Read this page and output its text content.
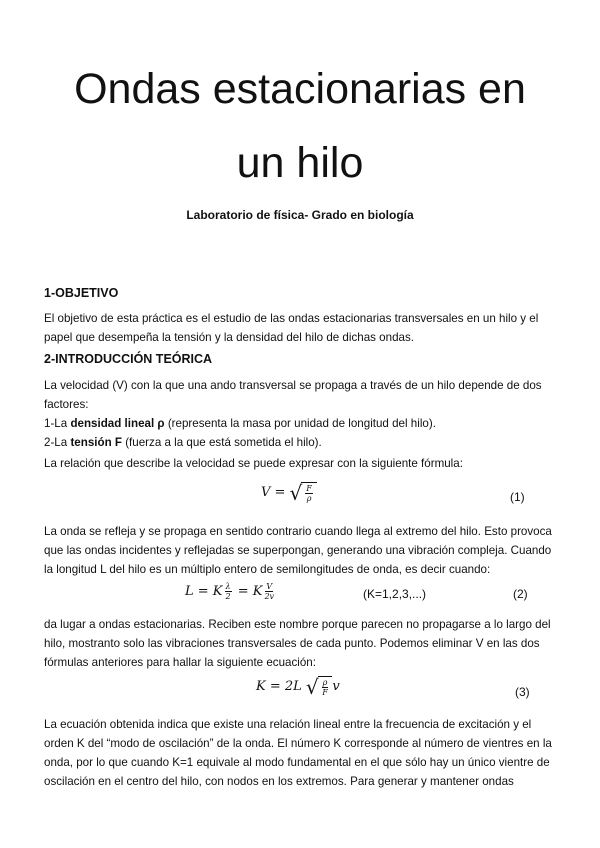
Ondas estacionarias en
un hilo
Laboratorio de física- Grado en biología
1-OBJETIVO
El objetivo de esta práctica es el estudio de las ondas estacionarias transversales en un hilo y el
papel que desempeña la tensión y la densidad del hilo de dichas ondas.
2-INTRODUCCIÓN TEÓRICA
La velocidad (V) con la que una ando transversal se propaga a través de un hilo depende de dos
factores:
1-La densidad lineal ρ (representa la masa por unidad de longitud del hilo).
2-La tensión F (fuerza a la que está sometida el hilo).
La relación que describe la velocidad se puede expresar con la siguiente fórmula:
V = √ $\frac{F}{\rho}$	(1)
La onda se refleja y se propaga en sentido contrario cuando llega al extremo del hilo. Esto provoca
que las ondas incidentes y reflejadas se superpongan, generando una vibración compleja. Cuando
la longitud L del hilo es un múltiplo entero de semilongitudes de onda, es decir cuando:
L = K $\frac{\lambda}{2} = K \frac{V}{2v}$	(K=1,2,3,...)	(2)
da lugar a ondas estacionarias. Reciben este nombre porque parecen no propagarse a lo largo del
hilo, mostranto solo las vibraciones transversales de cada punto. Podemos eliminar V en las dos
fórmulas anteriores para hallar la siguiente ecuación:
K = 2L √ $\frac{\rho}{F}$ v	(3)
La ecuación obtenida indica que existe una relación lineal entre la frecuencia de excitación y el
orden K del “modo de oscilación” de la onda. El número K corresponde al número de vientres en la
onda, por lo que cuando K=1 equivale al modo fundamental en el que sólo hay un único vientre de
oscilación en el centro del hilo, con nodos en los extremos. Para generar y mantener ondas
